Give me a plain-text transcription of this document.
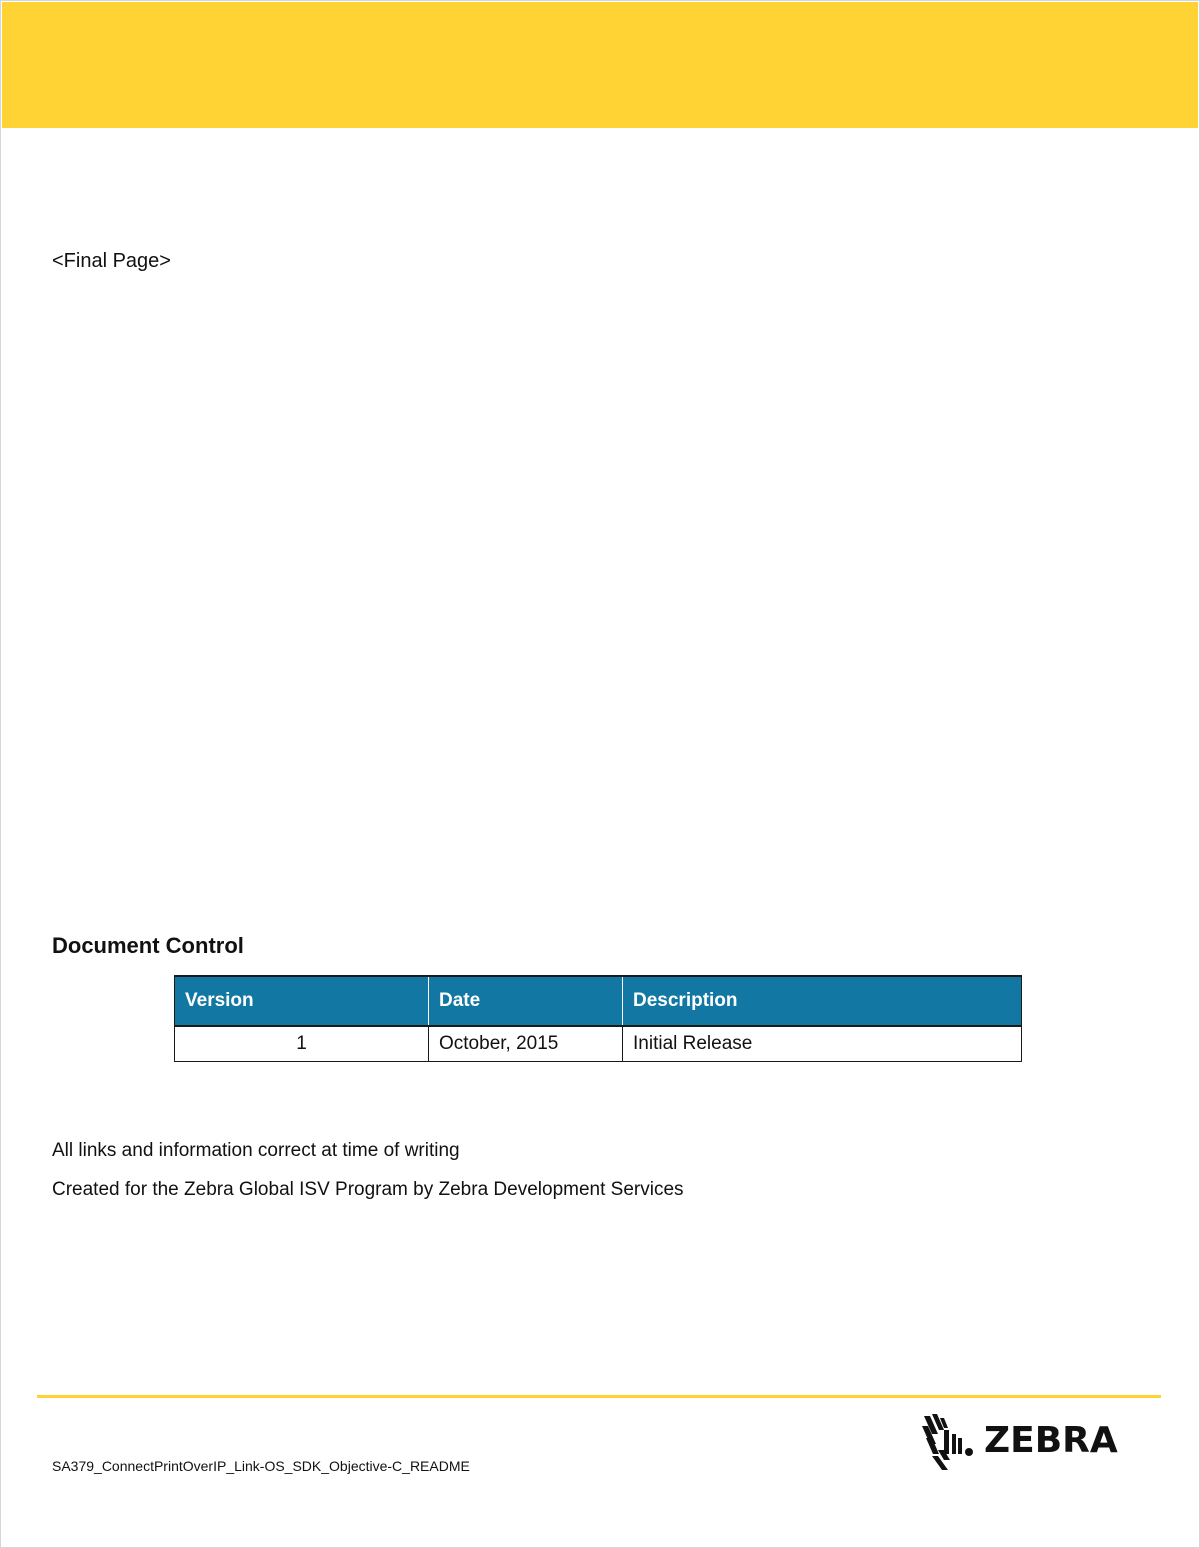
<Final Page>
Document Control
Version	Date	Description
1	October, 2015	Initial Release
All links and information correct at time of writing
Created for the Zebra Global ISV Program by Zebra Development Services
SA379_ConnectPrintOverIP_Link-OS_SDK_Objective-C_README
ZEBRA
